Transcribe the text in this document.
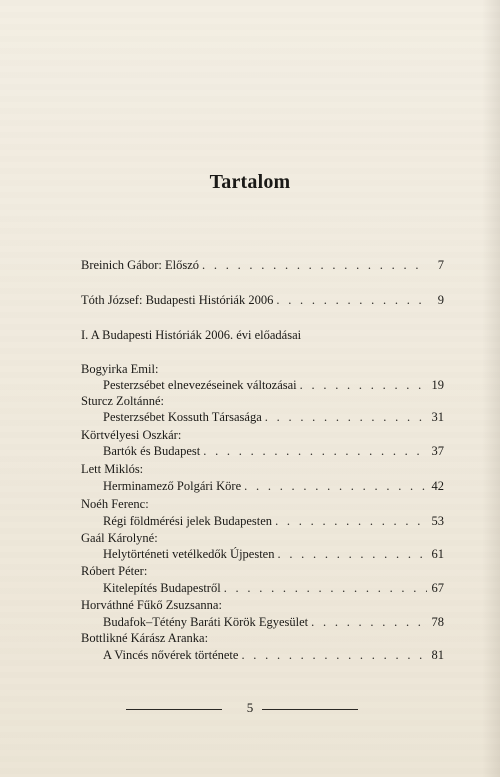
Tartalom
Breinich Gábor: Előszó . . .	7
Tóth József: Budapesti Históriák 2006 . . .	9
I. A Budapesti Históriák 2006. évi előadásai
Bogyirka Emil:
Pesterzsébet elnevezéseinek változásai . . .	19
Sturcz Zoltánné:
Pesterzsébet Kossuth Társasága . . .	31
Körtvélyesi Oszkár:
Bartók és Budapest . . .	37
Lett Miklós:
Herminamező Polgári Köre . . .	42
Noéh Ferenc:
Régi földmérési jelek Budapesten . . .	53
Gaál Károlyné:
Helytörténeti vetélkedők Újpesten . . .	61
Róbert Péter:
Kitelepítés Budapestről . . .	67
Horváthné Fűkő Zsuzsanna:
Budafok–Tétény Baráti Körök Egyesület . . .	78
Bottlikné Kárász Aranka:
A Vincés nővérek története . . .	81
5
